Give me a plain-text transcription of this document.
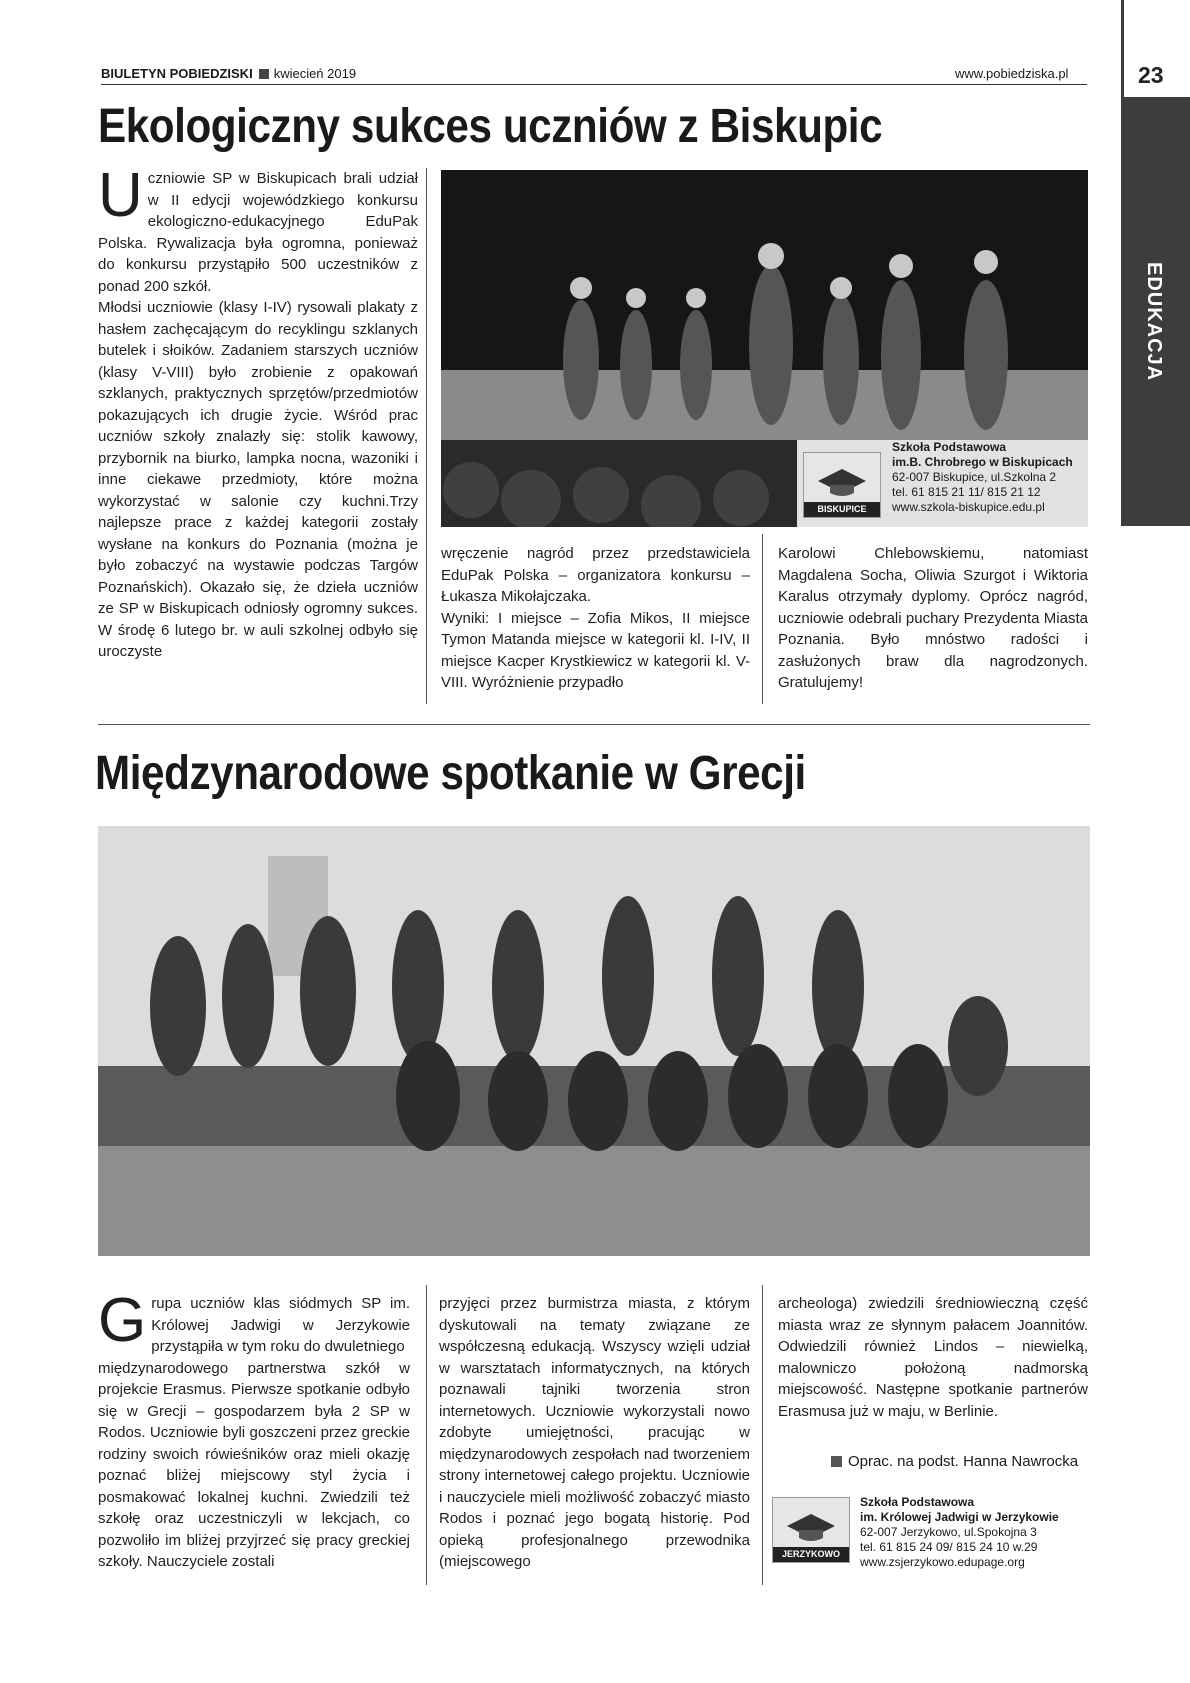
BIULETYN POBIEDZISKI kwiecień 2019	www.pobiedziska.pl	23
EDUKACJA
Ekologiczny sukces uczniów z Biskupic
U czniowie SP w Biskupicach brali udział w II edycji wojewódzkiego konkursu ekologiczno-edukacyjnego EduPak Polska. Rywalizacja była ogromna, ponieważ do konkursu przystąpiło 500 uczestników z ponad 200 szkół.

Młodsi uczniowie (klasy I-IV) rysowali plakaty z hasłem zachęcającym do recyklingu szklanych butelek i słoików. Zadaniem starszych uczniów (klasy V-VIII) było zrobienie z opakowań szklanych, praktycznych sprzętów/przedmiotów pokazujących ich drugie życie. Wśród prac uczniów szkoły znalazły się: stolik kawowy, przybornik na biurko, lampka nocna, wazoniki i inne ciekawe przedmioty, które można wykorzystać w salonie czy kuchni.Trzy najlepsze prace z każdej kategorii zostały wysłane na konkurs do Poznania (można je było zobaczyć na wystawie podczas Targów Poznańskich). Okazało się, że dzieła uczniów ze SP w Biskupicach odniosły ogromny sukces. W środę 6 lutego br. w auli szkolnej odbyło się uroczyste

BISKUPICE
Szkoła Podstawowa
im.B. Chrobrego w Biskupicach
62-007 Biskupice, ul.Szkolna 2
tel. 61 815 21 11/ 815 21 12
www.szkola-biskupice.edu.pl
wręczenie nagród przez przedstawiciela EduPak Polska – organizatora konkursu –Łukasza Mikołajczaka.
Wyniki: I miejsce – Zofia Mikos, II miejsce Tymon Matanda miejsce w kategorii kl. I-IV, II miejsce Kacper Krystkiewicz w kategorii kl. V-VIII. Wyróżnienie przypadło
Karolowi Chlebowskiemu, natomiast Magdalena Socha, Oliwia Szurgot i Wiktoria Karalus otrzymały dyplomy. Oprócz nagród, uczniowie odebrali puchary Prezydenta Miasta Poznania. Było mnóstwo radości i zasłużonych braw dla nagrodzonych. Gratulujemy!
Międzynarodowe spotkanie w Grecji
G rupa uczniów klas siódmych SP im. Królowej Jadwigi w Jerzykowie przystąpiła w tym roku do dwuletniego

międzynarodowego partnerstwa szkół w projekcie Erasmus. Pierwsze spotkanie odbyło się w Grecji – gospodarzem była 2 SP w Rodos. Uczniowie byli goszczeni przez greckie rodziny swoich rówieśników oraz mieli okazję poznać bliżej miejscowy styl życia i posmakować lokalnej kuchni. Zwiedzili też szkołę oraz uczestniczyli w lekcjach, co pozwoliło im bliżej przyjrzeć się pracy greckiej szkoły. Nauczyciele zostali

przyjęci przez burmistrza miasta, z którym dyskutowali na tematy związane ze współczesną edukacją. Wszyscy wzięli udział w warsztatach informatycznych, na których poznawali tajniki tworzenia stron internetowych. Uczniowie wykorzystali nowo zdobyte umiejętności, pracując w międzynarodowych zespołach nad tworzeniem strony internetowej całego projektu. Uczniowie i nauczyciele mieli możliwość zobaczyć miasto Rodos i poznać jego bogatą historię. Pod opieką profesjonalnego przewodnika (miejscowego
archeologa) zwiedzili średniowieczną część miasta wraz ze słynnym pałacem Joannitów. Odwiedzili również Lindos – niewielką, malowniczo położoną nadmorską miejscowość. Następne spotkanie partnerów Erasmusa już w maju, w Berlinie.
Oprac. na podst. Hanna Nawrocka
JERZYKOWO
Szkoła Podstawowa
im. Królowej Jadwigi w Jerzykowie
62-007 Jerzykowo, ul.Spokojna 3
tel. 61 815 24 09/ 815 24 10 w.29
www.zsjerzykowo.edupage.org
